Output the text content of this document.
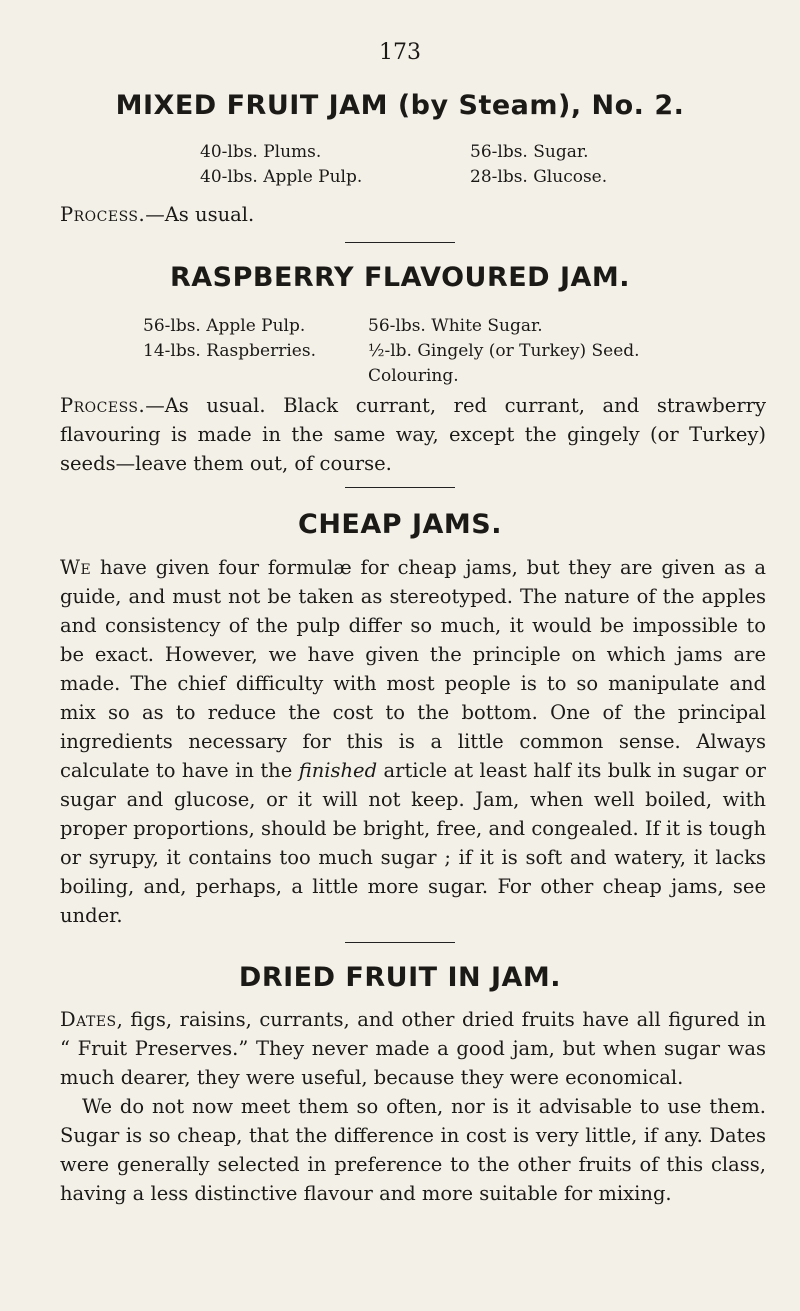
173
MIXED FRUIT JAM (by Steam), No. 2.
40-lbs. Plums.
40-lbs. Apple Pulp.
56-lbs. Sugar.
28-lbs. Glucose.

Process.—As usual.

RASPBERRY FLAVOURED JAM.
56-lbs. Apple Pulp.
14-lbs. Raspberries.
56-lbs. White Sugar.
½-lb. Gingely (or Turkey) Seed.
Colouring.

Process.—As usual. Black currant, red currant, and strawberry flavouring is made in the same way, except the gingely (or Turkey) seeds—leave them out, of course.

CHEAP JAMS.

We have given four formulæ for cheap jams, but they are given as a guide, and must not be taken as stereotyped. The nature of the apples and consistency of the pulp differ so much, it would be impossible to be exact. However, we have given the principle on which jams are made. The chief difficulty with most people is to so manipulate and mix so as to reduce the cost to the bottom. One of the principal ingredients necessary for this is a little common sense. Always calculate to have in the finished article at least half its bulk in sugar or sugar and glucose, or it will not keep. Jam, when well boiled, with proper proportions, should be bright, free, and congealed. If it is tough or syrupy, it contains too much sugar ; if it is soft and watery, it lacks boiling, and, perhaps, a little more sugar. For other cheap jams, see under.

DRIED FRUIT IN JAM.

Dates, figs, raisins, currants, and other dried fruits have all figured in “ Fruit Preserves.” They never made a good jam, but when sugar was much dearer, they were useful, because they were economical.

We do not now meet them so often, nor is it advisable to use them. Sugar is so cheap, that the difference in cost is very little, if any. Dates were generally selected in preference to the other fruits of this class, having a less distinctive flavour and more suitable for mixing.
